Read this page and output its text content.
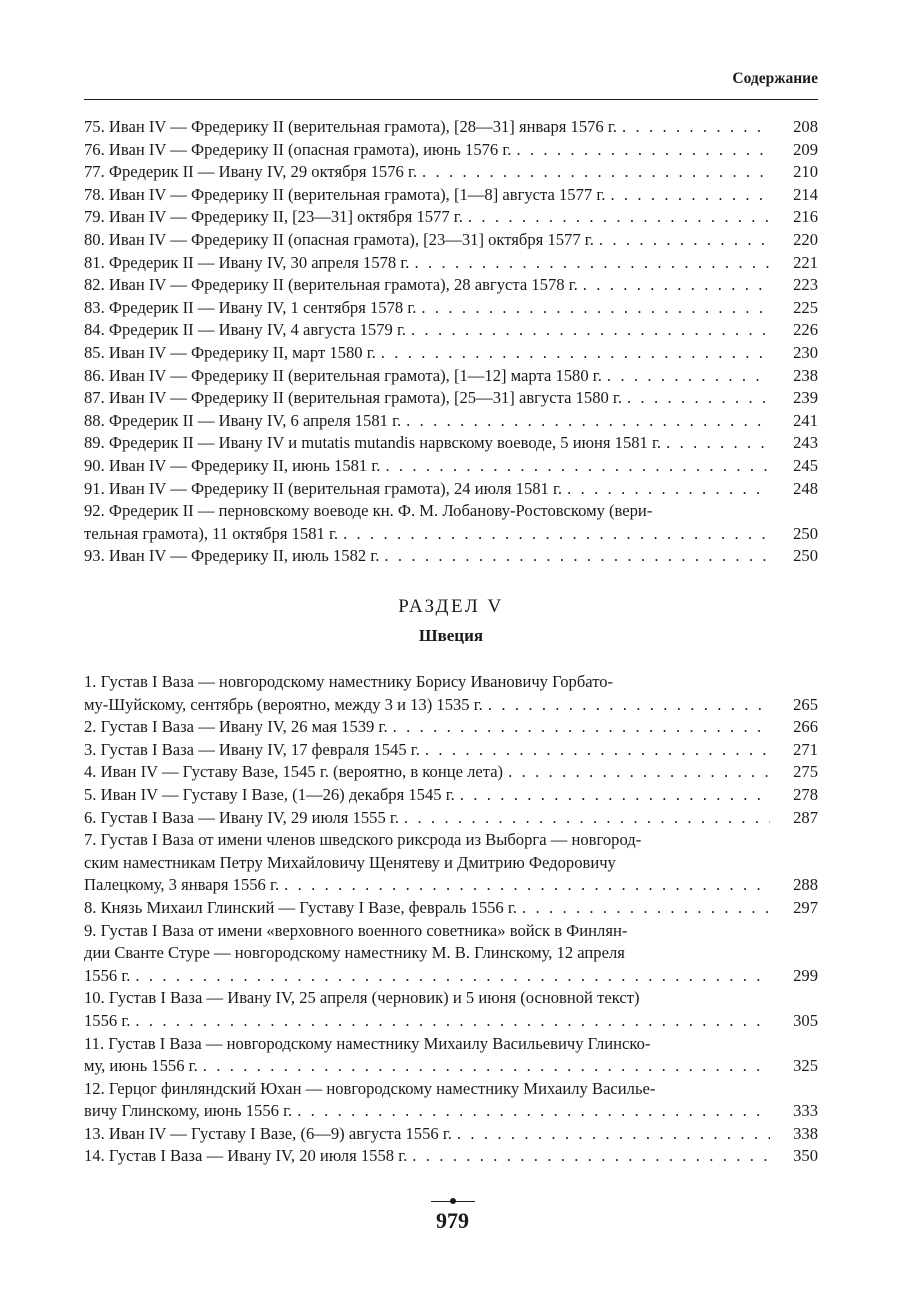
Содержание
75. Иван IV — Фредерику II (верительная грамота), [28—31] января 1576 г. . . .	208
76. Иван IV — Фредерику II (опасная грамота), июнь 1576 г. . . .	209
77. Фредерик II — Ивану IV, 29 октября 1576 г. . . .	210
78. Иван IV — Фредерику II (верительная грамота), [1—8] августа 1577 г. . . .	214
79. Иван IV — Фредерику II, [23—31] октября 1577 г. . . .	216
80. Иван IV — Фредерику II (опасная грамота), [23—31] октября 1577 г. . . .	220
81. Фредерик II — Ивану IV, 30 апреля 1578 г. . . .	221
82. Иван IV — Фредерику II (верительная грамота), 28 августа 1578 г. . . .	223
83. Фредерик II — Ивану IV, 1 сентября 1578 г. . . .	225
84. Фредерик II — Ивану IV, 4 августа 1579 г. . . .	226
85. Иван IV — Фредерику II, март 1580 г. . . .	230
86. Иван IV — Фредерику II (верительная грамота), [1—12] марта 1580 г. . . .	238
87. Иван IV — Фредерику II (верительная грамота), [25—31] августа 1580 г. . . .	239
88. Фредерик II — Ивану IV, 6 апреля 1581 г. . . .	241
89. Фредерик II — Ивану IV и mutatis mutandis нарвскому воеводе, 5 июня 1581 г. . . .	243
90. Иван IV — Фредерику II, июнь 1581 г. . . .	245
91. Иван IV — Фредерику II (верительная грамота), 24 июля 1581 г. . . .	248
92. Фредерик II — перновскому воеводе кн. Ф. М. Лобанову-Ростовскому (вери-
тельная грамота), 11 октября 1581 г. . . .	250
93. Иван IV — Фредерику II, июль 1582 г. . . .	250
РАЗДЕЛ V
Швеция
1. Густав I Ваза — новгородскому наместнику Борису Ивановичу Горбато-
му-Шуйскому, сентябрь (вероятно, между 3 и 13) 1535 г. . . .	265
2. Густав I Ваза — Ивану IV, 26 мая 1539 г. . . .	266
3. Густав I Ваза — Ивану IV, 17 февраля 1545 г. . . .	271
4. Иван IV — Густаву Вазе, 1545 г. (вероятно, в конце лета) . . .	275
5. Иван IV — Густаву I Вазе, (1—26) декабря 1545 г. . . .	278
6. Густав I Ваза — Ивану IV, 29 июля 1555 г. . . .	287
7. Густав I Ваза от имени членов шведского риксрода из Выборга — новгород-
ским наместникам Петру Михайловичу Щенятеву и Дмитрию Федоровичу
Палецкому, 3 января 1556 г. . . .	288
8. Князь Михаил Глинский — Густаву I Вазе, февраль 1556 г. . . .	297
9. Густав I Ваза от имени «верховного военного советника» войск в Финлян-
дии Сванте Стуре — новгородскому наместнику М. В. Глинскому, 12 апреля
1556 г. . . .	299
10. Густав I Ваза — Ивану IV, 25 апреля (черновик) и 5 июня (основной текст)
1556 г. . . .	305
11. Густав I Ваза — новгородскому наместнику Михаилу Васильевичу Глинско-
му, июнь 1556 г. . . .	325
12. Герцог финляндский Юхан — новгородскому наместнику Михаилу Василье-
вичу Глинскому, июнь 1556 г. . . .	333
13. Иван IV — Густаву I Вазе, (6—9) августа 1556 г. . . .	338
14. Густав I Ваза — Ивану IV, 20 июля 1558 г. . . .	350
979
